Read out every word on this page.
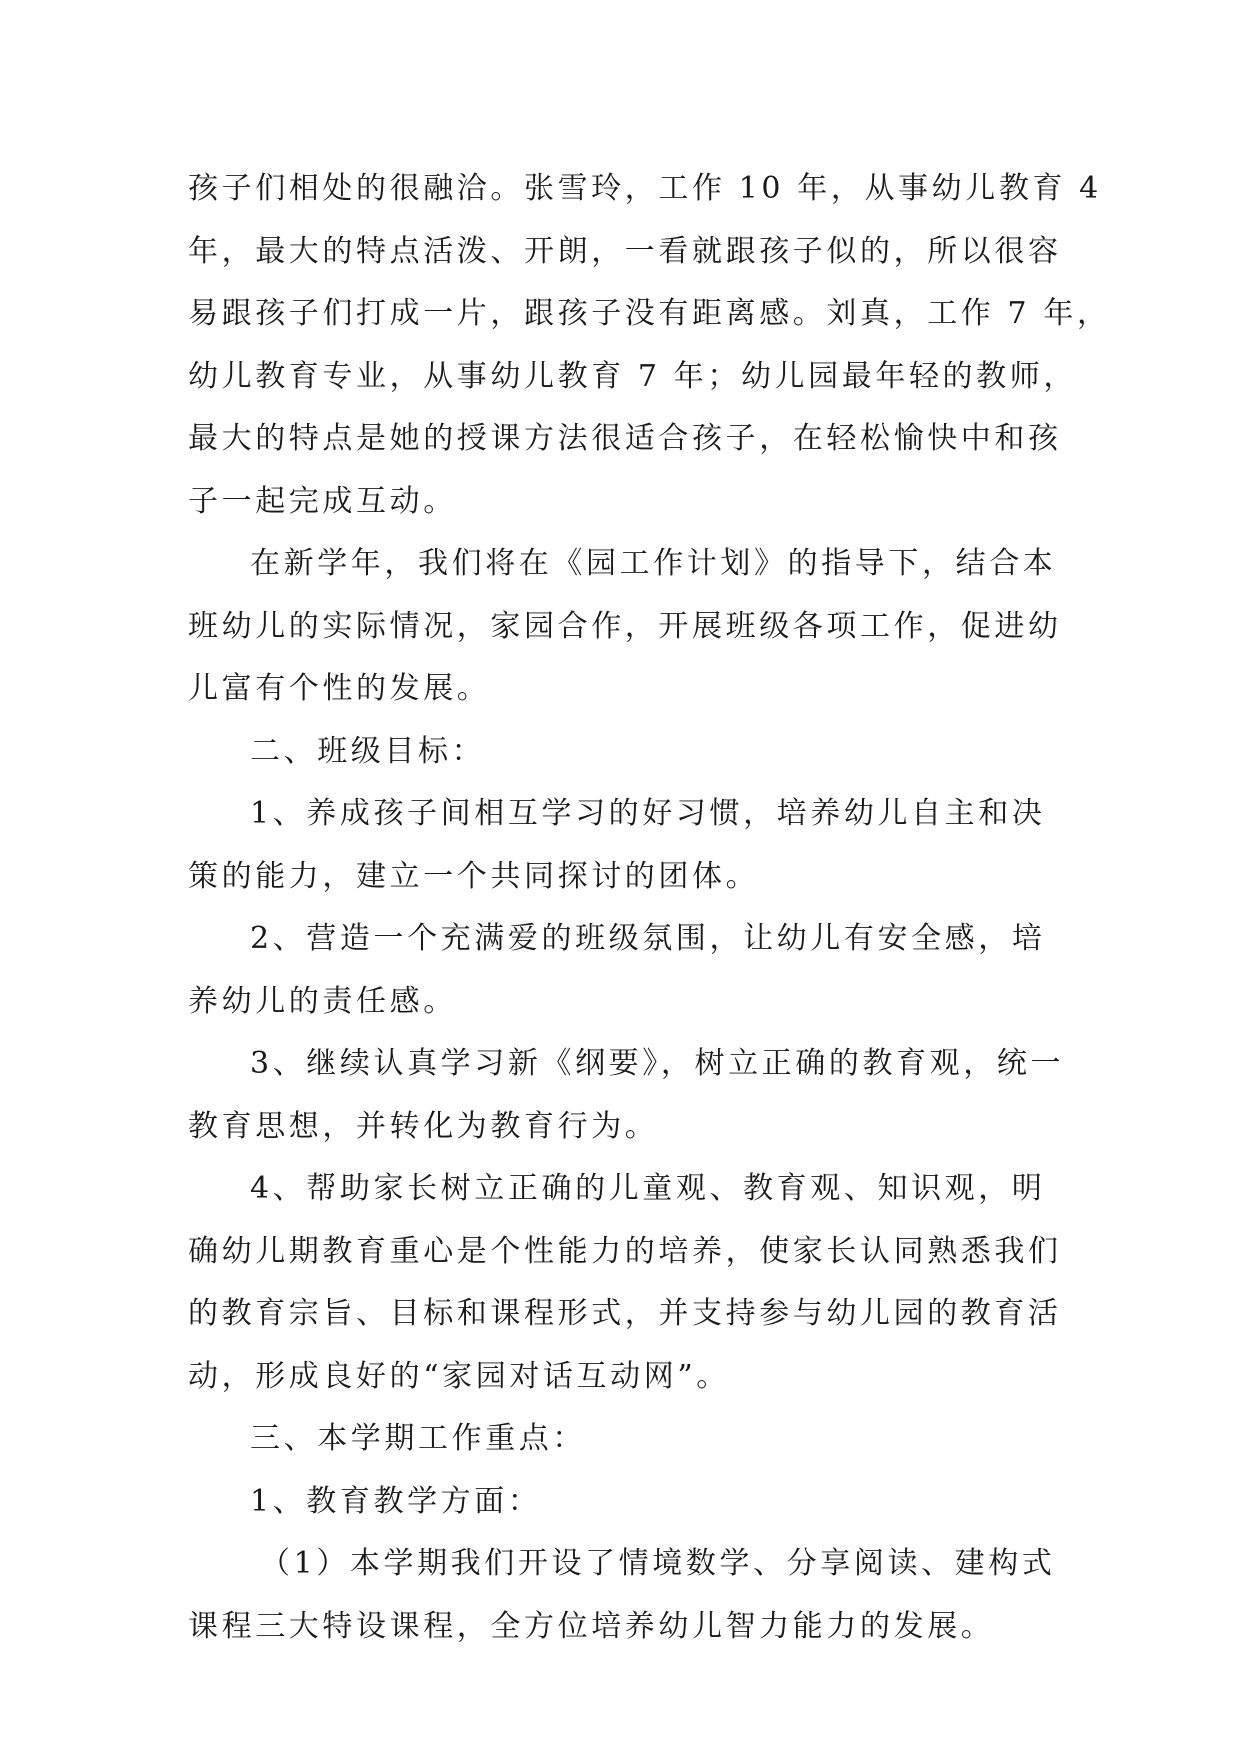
孩子们相处的很融洽。张雪玲，工作 10 年，从事幼儿教育 4
年，最大的特点活泼、开朗，一看就跟孩子似的，所以很容
易跟孩子们打成一片，跟孩子没有距离感。刘真，工作 7 年，
幼儿教育专业，从事幼儿教育 7 年；幼儿园最年轻的教师，
最大的特点是她的授课方法很适合孩子，在轻松愉快中和孩
子一起完成互动。
在新学年，我们将在《园工作计划》的指导下，结合本
班幼儿的实际情况，家园合作，开展班级各项工作，促进幼
儿富有个性的发展。
二、班级目标：
1、养成孩子间相互学习的好习惯，培养幼儿自主和决
策的能力，建立一个共同探讨的团体。
2、营造一个充满爱的班级氛围，让幼儿有安全感，培
养幼儿的责任感。
3、继续认真学习新《纲要》，树立正确的教育观，统一
教育思想，并转化为教育行为。
4、帮助家长树立正确的儿童观、教育观、知识观，明
确幼儿期教育重心是个性能力的培养，使家长认同熟悉我们
的教育宗旨、目标和课程形式，并支持参与幼儿园的教育活
动，形成良好的“家园对话互动网”。
三、本学期工作重点：
1、教育教学方面：
（1）本学期我们开设了情境数学、分享阅读、建构式
课程三大特设课程，全方位培养幼儿智力能力的发展。
